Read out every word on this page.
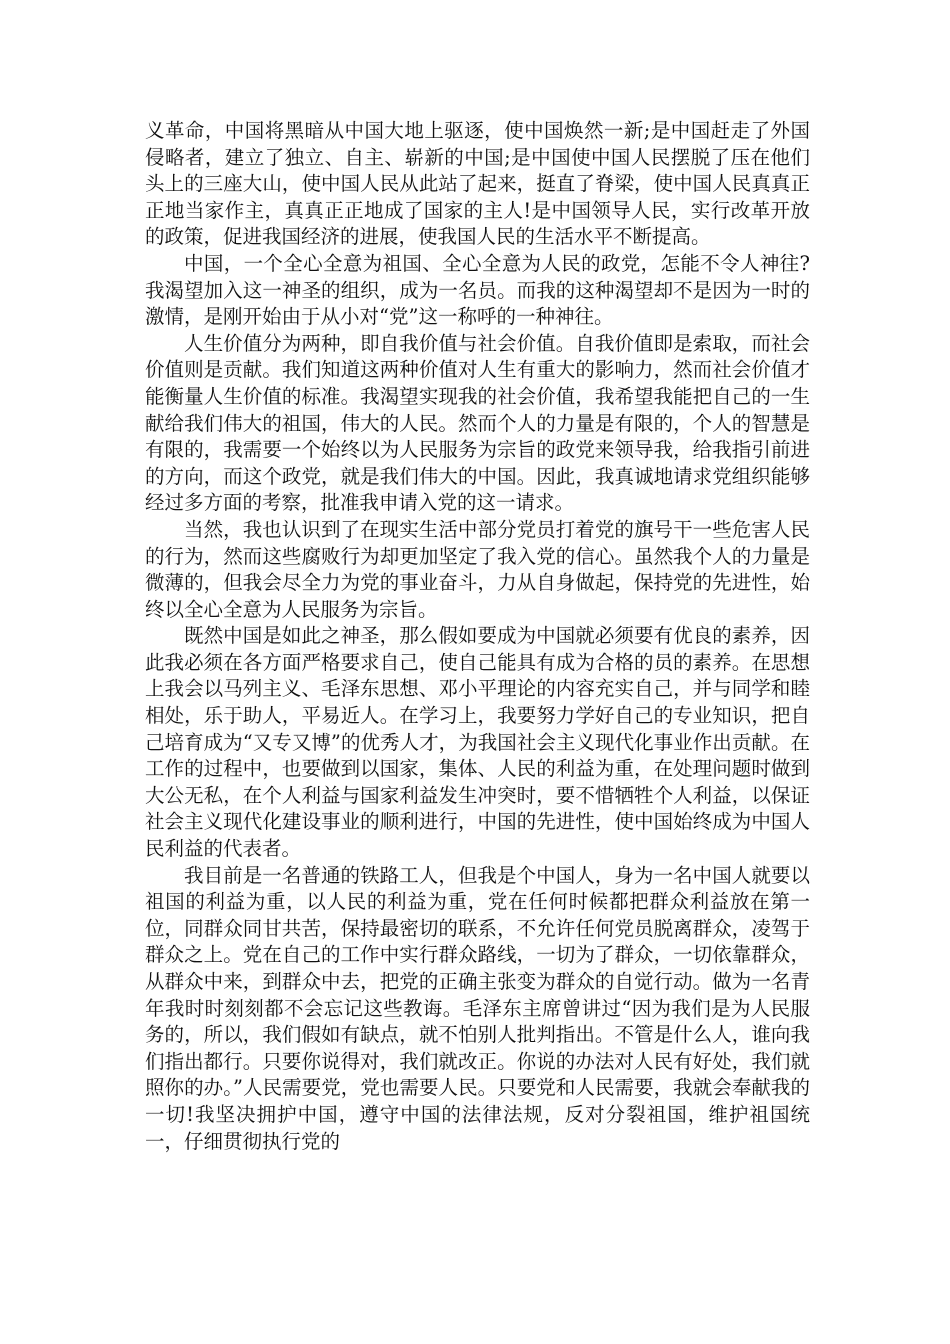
义革命，中国将黑暗从中国大地上驱逐，使中国焕然一新;是中国赶走了外国侵略者，建立了独立、自主、崭新的中国;是中国使中国人民摆脱了压在他们头上的三座大山，使中国人民从此站了起来，挺直了脊梁，使中国人民真真正正地当家作主，真真正正地成了国家的主人!是中国领导人民，实行改革开放的政策，促进我国经济的进展，使我国人民的生活水平不断提高。

中国，一个全心全意为祖国、全心全意为人民的政党，怎能不令人神往?我渴望加入这一神圣的组织，成为一名员。而我的这种渴望却不是因为一时的激情，是刚开始由于从小对“党”这一称呼的一种神往。

人生价值分为两种，即自我价值与社会价值。自我价值即是索取，而社会价值则是贡献。我们知道这两种价值对人生有重大的影响力，然而社会价值才能衡量人生价值的标准。我渴望实现我的社会价值，我希望我能把自己的一生献给我们伟大的祖国，伟大的人民。然而个人的力量是有限的，个人的智慧是有限的，我需要一个始终以为人民服务为宗旨的政党来领导我，给我指引前进的方向，而这个政党，就是我们伟大的中国。因此，我真诚地请求党组织能够经过多方面的考察，批准我申请入党的这一请求。

当然，我也认识到了在现实生活中部分党员打着党的旗号干一些危害人民的行为，然而这些腐败行为却更加坚定了我入党的信心。虽然我个人的力量是微薄的，但我会尽全力为党的事业奋斗，力从自身做起，保持党的先进性，始终以全心全意为人民服务为宗旨。

既然中国是如此之神圣，那么假如要成为中国就必须要有优良的素养，因此我必须在各方面严格要求自己，使自己能具有成为合格的员的素养。在思想上我会以马列主义、毛泽东思想、邓小平理论的内容充实自己，并与同学和睦相处，乐于助人，平易近人。在学习上，我要努力学好自己的专业知识，把自己培育成为“又专又博”的优秀人才，为我国社会主义现代化事业作出贡献。在工作的过程中，也要做到以国家，集体、人民的利益为重，在处理问题时做到大公无私，在个人利益与国家利益发生冲突时，要不惜牺牲个人利益，以保证社会主义现代化建设事业的顺利进行，中国的先进性，使中国始终成为中国人民利益的代表者。

我目前是一名普通的铁路工人，但我是个中国人，身为一名中国人就要以祖国的利益为重，以人民的利益为重，党在任何时候都把群众利益放在第一位，同群众同甘共苦，保持最密切的联系，不允许任何党员脱离群众，凌驾于群众之上。党在自己的工作中实行群众路线，一切为了群众，一切依靠群众，从群众中来，到群众中去，把党的正确主张变为群众的自觉行动。做为一名青年我时时刻刻都不会忘记这些教诲。毛泽东主席曾讲过“因为我们是为人民服务的，所以，我们假如有缺点，就不怕别人批判指出。不管是什么人，谁向我们指出都行。只要你说得对，我们就改正。你说的办法对人民有好处，我们就照你的办。”人民需要党，党也需要人民。只要党和人民需要，我就会奉献我的一切!我坚决拥护中国，遵守中国的法律法规，反对分裂祖国，维护祖国统一，仔细贯彻执行党的
